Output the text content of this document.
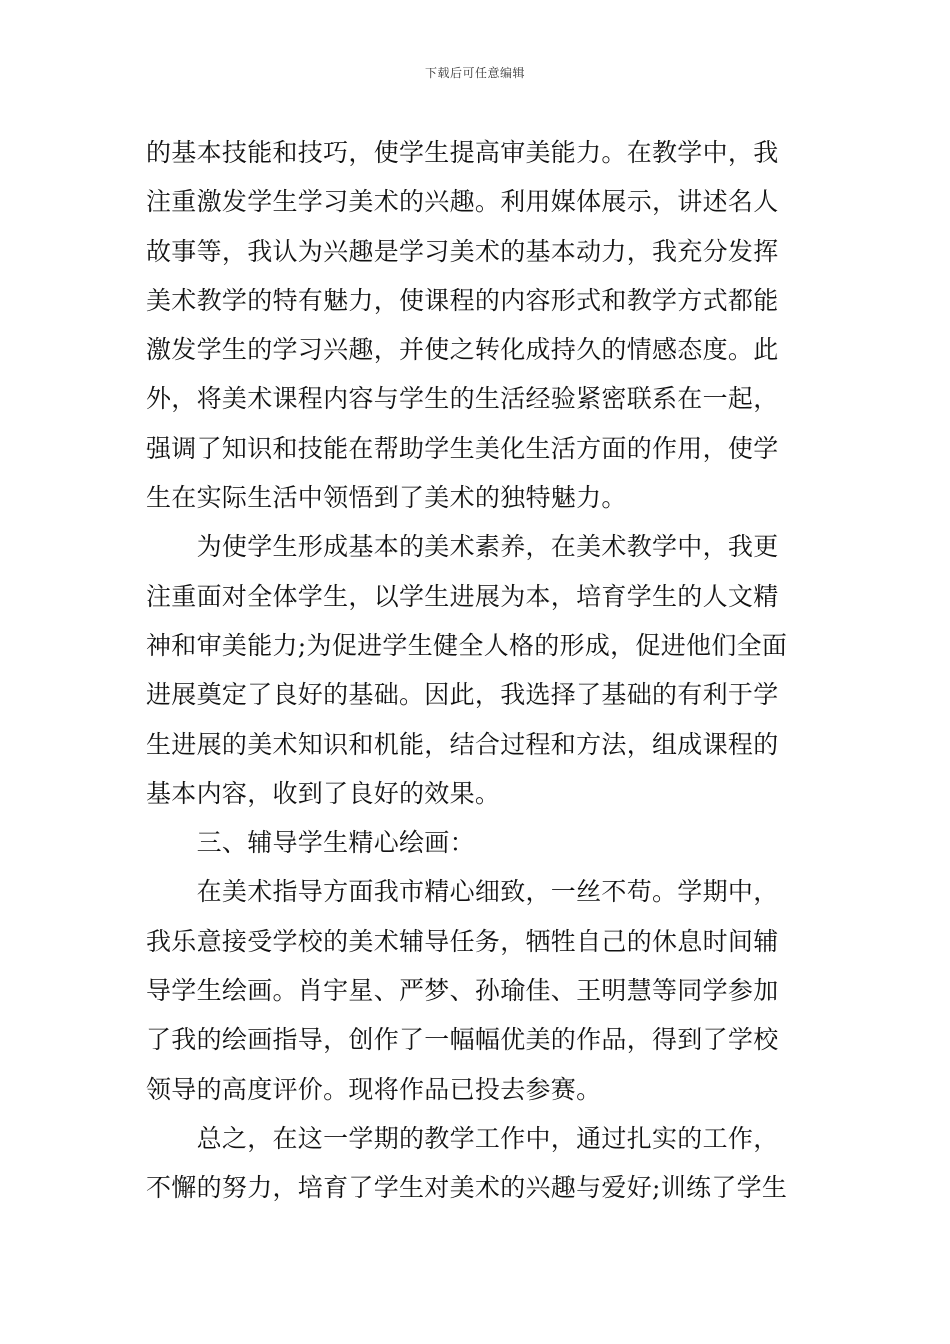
下载后可任意编辑
的基本技能和技巧，使学生提高审美能力。在教学中，我
注重激发学生学习美术的兴趣。利用媒体展示，讲述名人
故事等，我认为兴趣是学习美术的基本动力，我充分发挥
美术教学的特有魅力，使课程的内容形式和教学方式都能
激发学生的学习兴趣，并使之转化成持久的情感态度。此
外，将美术课程内容与学生的生活经验紧密联系在一起，
强调了知识和技能在帮助学生美化生活方面的作用，使学
生在实际生活中领悟到了美术的独特魅力。
　　为使学生形成基本的美术素养，在美术教学中，我更
注重面对全体学生，以学生进展为本，培育学生的人文精
神和审美能力;为促进学生健全人格的形成，促进他们全面
进展奠定了良好的基础。因此，我选择了基础的有利于学
生进展的美术知识和机能，结合过程和方法，组成课程的
基本内容，收到了良好的效果。
　　三、辅导学生精心绘画：
　　在美术指导方面我市精心细致，一丝不苟。学期中，
我乐意接受学校的美术辅导任务，牺牲自己的休息时间辅
导学生绘画。肖宇星、严梦、孙瑜佳、王明慧等同学参加
了我的绘画指导，创作了一幅幅优美的作品，得到了学校
领导的高度评价。现将作品已投去参赛。
　　总之，在这一学期的教学工作中，通过扎实的工作，
不懈的努力，培育了学生对美术的兴趣与爱好;训练了学生
